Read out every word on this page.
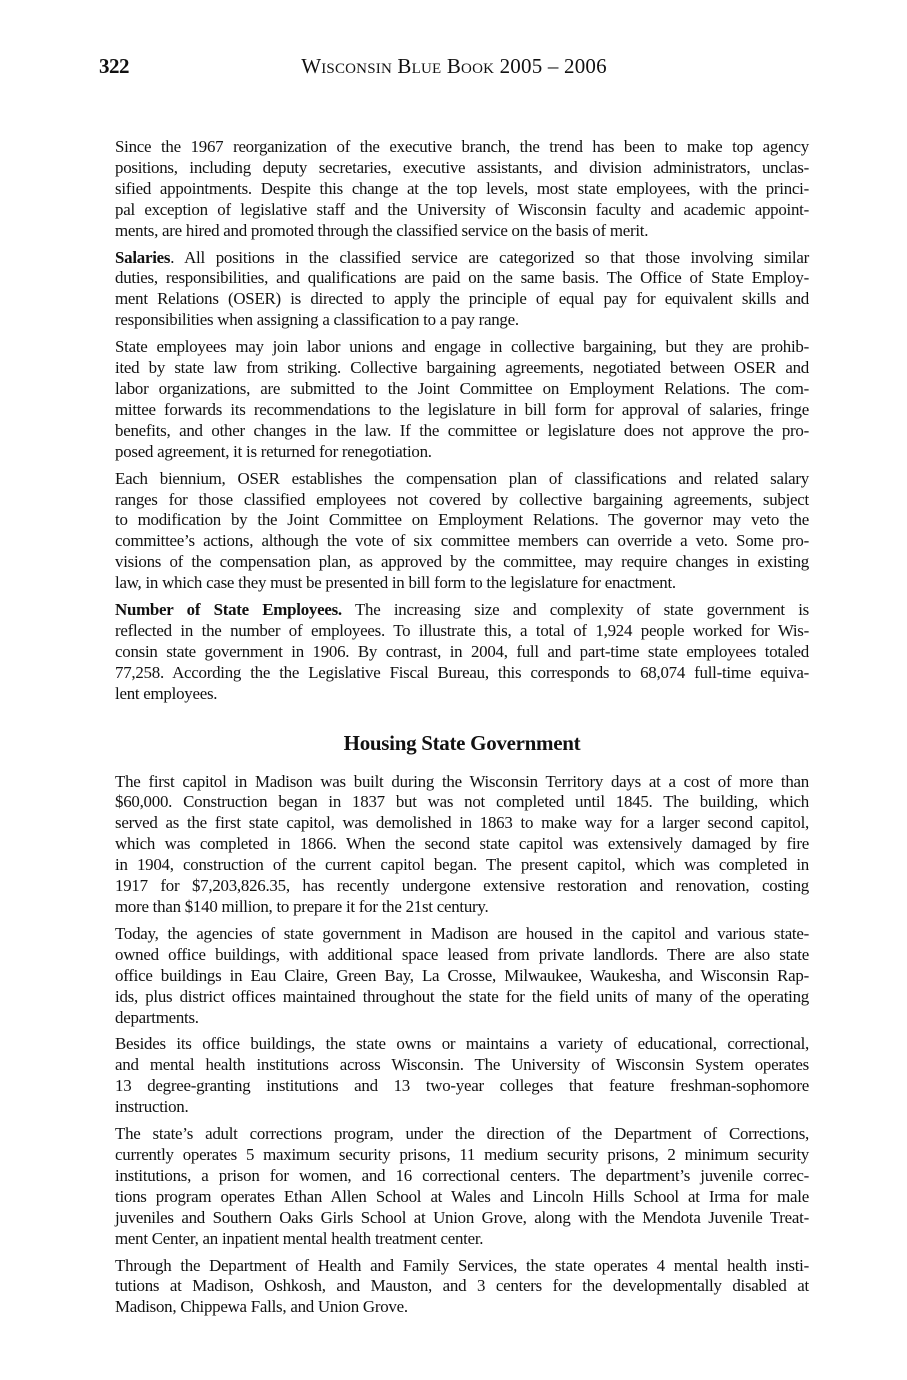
322	Wisconsin Blue Book 2005 – 2006

Since the 1967 reorganization of the executive branch, the trend has been to make top agency
positions, including deputy secretaries, executive assistants, and division administrators, unclas-
sified appointments. Despite this change at the top levels, most state employees, with the princi-
pal exception of legislative staff and the University of Wisconsin faculty and academic appoint-
ments, are hired and promoted through the classified service on the basis of merit.

Salaries. All positions in the classified service are categorized so that those involving similar
duties, responsibilities, and qualifications are paid on the same basis. The Office of State Employ-
ment Relations (OSER) is directed to apply the principle of equal pay for equivalent skills and
responsibilities when assigning a classification to a pay range.

State employees may join labor unions and engage in collective bargaining, but they are prohib-
ited by state law from striking. Collective bargaining agreements, negotiated between OSER and
labor organizations, are submitted to the Joint Committee on Employment Relations. The com-
mittee forwards its recommendations to the legislature in bill form for approval of salaries, fringe
benefits, and other changes in the law. If the committee or legislature does not approve the pro-
posed agreement, it is returned for renegotiation.

Each biennium, OSER establishes the compensation plan of classifications and related salary
ranges for those classified employees not covered by collective bargaining agreements, subject
to modification by the Joint Committee on Employment Relations. The governor may veto the
committee’s actions, although the vote of six committee members can override a veto. Some pro-
visions of the compensation plan, as approved by the committee, may require changes in existing
law, in which case they must be presented in bill form to the legislature for enactment.

Number of State Employees. The increasing size and complexity of state government is
reflected in the number of employees. To illustrate this, a total of 1,924 people worked for Wis-
consin state government in 1906. By contrast, in 2004, full and part-time state employees totaled
77,258. According the the Legislative Fiscal Bureau, this corresponds to 68,074 full-time equiva-
lent employees.

Housing State Government

The first capitol in Madison was built during the Wisconsin Territory days at a cost of more than
$60,000. Construction began in 1837 but was not completed until 1845. The building, which
served as the first state capitol, was demolished in 1863 to make way for a larger second capitol,
which was completed in 1866. When the second state capitol was extensively damaged by fire
in 1904, construction of the current capitol began. The present capitol, which was completed in
1917 for $7,203,826.35, has recently undergone extensive restoration and renovation, costing
more than $140 million, to prepare it for the 21st century.

Today, the agencies of state government in Madison are housed in the capitol and various state-
owned office buildings, with additional space leased from private landlords. There are also state
office buildings in Eau Claire, Green Bay, La Crosse, Milwaukee, Waukesha, and Wisconsin Rap-
ids, plus district offices maintained throughout the state for the field units of many of the operating
departments.

Besides its office buildings, the state owns or maintains a variety of educational, correctional,
and mental health institutions across Wisconsin. The University of Wisconsin System operates
13 degree-granting institutions and 13 two-year colleges that feature freshman-sophomore
instruction.

The state’s adult corrections program, under the direction of the Department of Corrections,
currently operates 5 maximum security prisons, 11 medium security prisons, 2 minimum security
institutions, a prison for women, and 16 correctional centers. The department’s juvenile correc-
tions program operates Ethan Allen School at Wales and Lincoln Hills School at Irma for male
juveniles and Southern Oaks Girls School at Union Grove, along with the Mendota Juvenile Treat-
ment Center, an inpatient mental health treatment center.

Through the Department of Health and Family Services, the state operates 4 mental health insti-
tutions at Madison, Oshkosh, and Mauston, and 3 centers for the developmentally disabled at
Madison, Chippewa Falls, and Union Grove.
